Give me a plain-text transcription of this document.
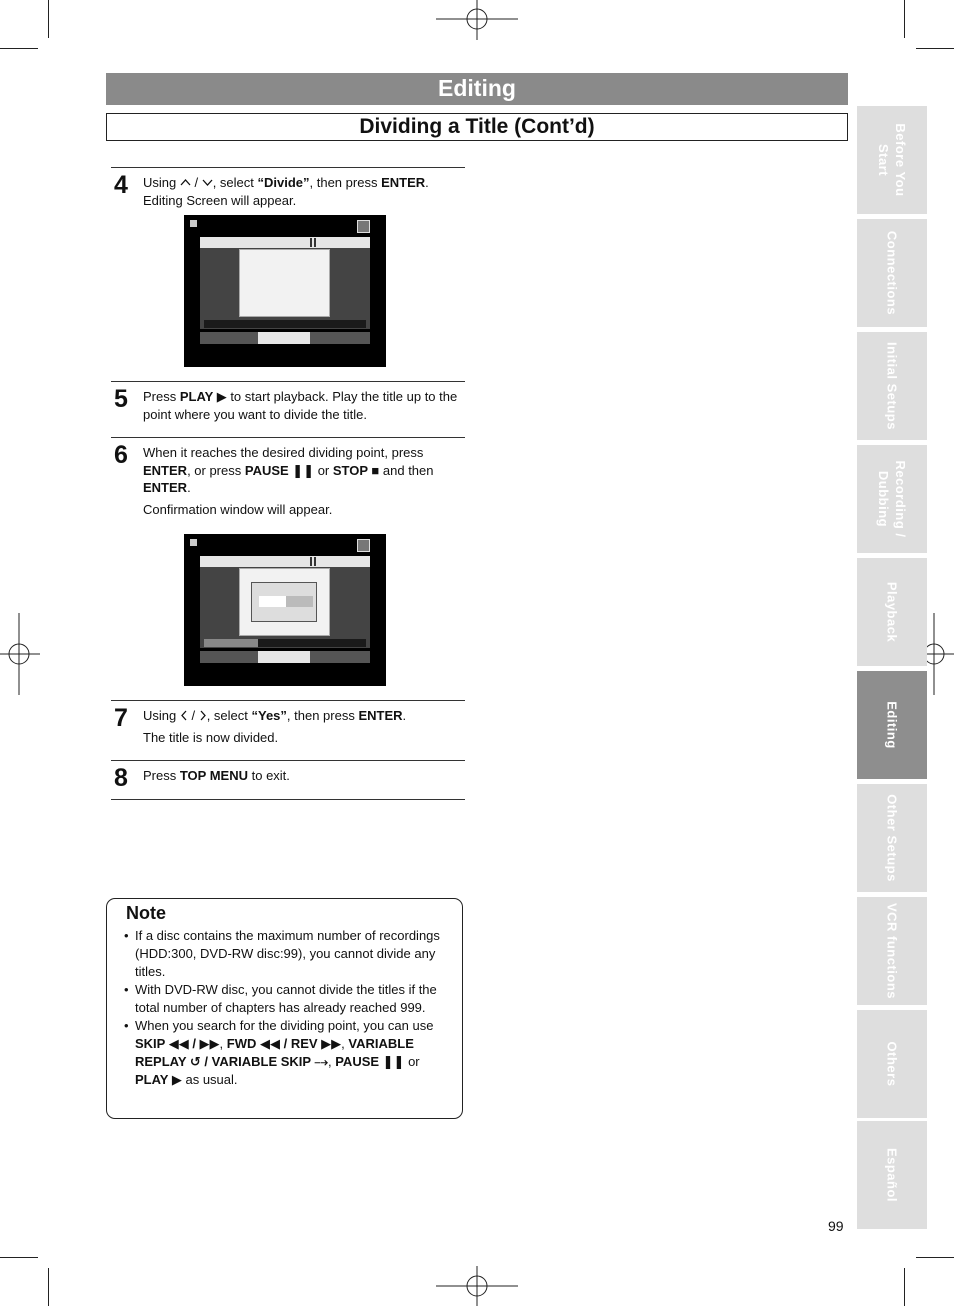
Editing
Dividing a Title (Cont’d)	Before You
Start
Connections
Initial Setups
Recording /
Dubbing
Playback
Editing
Other Setups
VCR functions
Others
Español
4 Using  / , select “Divide”, then press ENTER.
Editing Screen will appear.
5 Press PLAY ▶ to start playback. Play the title up to the point where you want to divide the title.
6 When it reaches the desired dividing point, press ENTER, or press PAUSE ❚❚ or STOP ■ and then ENTER.
Confirmation window will appear.
7 Using  / , select “Yes”, then press ENTER.
The title is now divided.
8 Press TOP MENU to exit.
Note
• If a disc contains the maximum number of recordings (HDD:300, DVD-RW disc:99), you cannot divide any titles.
• With DVD-RW disc, you cannot divide the titles if the total number of chapters has already reached 999.
• When you search for the dividing point, you can use SKIP ◀◀ / ▶▶, FWD ◀◀ / REV ▶▶, VARIABLE REPLAY ↺ / VARIABLE SKIP ⤍, PAUSE ❚❚ or PLAY ▶ as usual.
99
